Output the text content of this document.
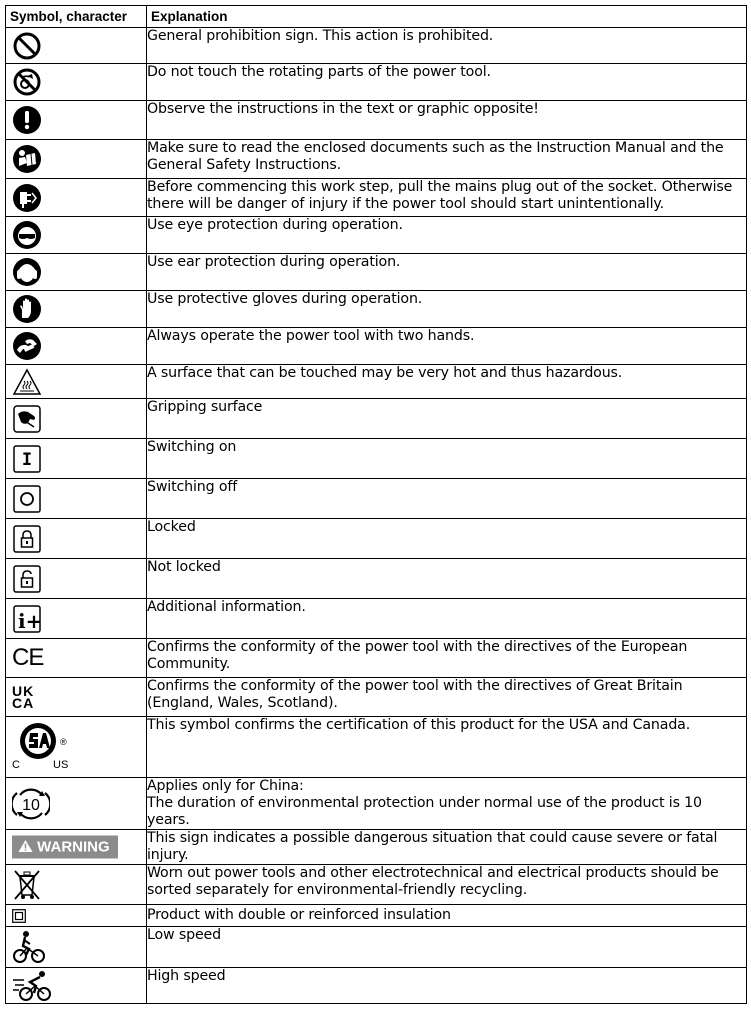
Symbol, character	Explanation

	General prohibition sign. This action is prohibited.

	Do not touch the rotating parts of the power tool.

	Observe the instructions in the text or graphic opposite!

	Make sure to read the enclosed documents such as the Instruction Manual and the General Safety Instructions.

	Before commencing this work step, pull the mains plug out of the socket. Otherwise there will be danger of injury if the power tool should start unintentionally.

	Use eye protection during operation.

	Use ear protection during operation.

	Use protective gloves during operation.

	Always operate the power tool with two hands.

	A surface that can be touched may be very hot and thus hazardous.

	Gripping surface

I	Switching on

	Switching off

	Locked

	Not locked

i+	Additional information.

CE	Confirms the conformity of the power tool with the directives of the European Community.

UK
CA	Confirms the conformity of the power tool with the directives of Great Britain (England, Wales, Scotland).

®
C US	This symbol confirms the certification of this product for the USA and Canada.

10	Applies only for China:
The duration of environmental protection under normal use of the product is 10 years.

WARNING	This sign indicates a possible dangerous situation that could cause severe or fatal injury.

	Worn out power tools and other electrotechnical and electrical products should be sorted separately for environmental-friendly recycling.

	Product with double or reinforced insulation

	Low speed

	High speed
